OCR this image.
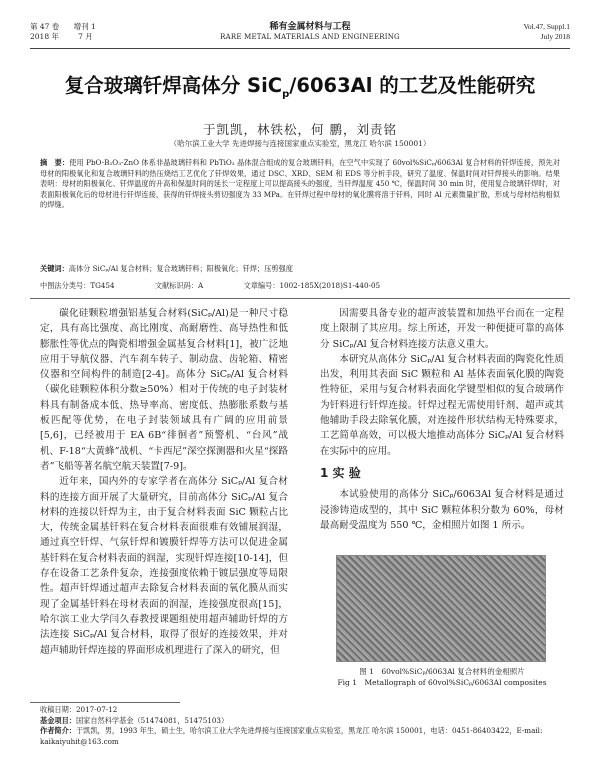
第 47 卷 增刊 1
2018 年	7 月
稀有金属材料与工程
RARE METAL MATERIALS AND ENGINEERING
Vol.47, Suppl.1
July 2018
复合玻璃钎焊高体分 SiC$_p$/6063Al 的工艺及性能研究
于凯凯，林铁松，何 鹏，刘责铭
（哈尔滨工业大学 先进焊接与连接国家重点实验室，黑龙江 哈尔滨 150001）
摘　要：使用 PbO-B₂O₃-ZnO 体系非晶玻璃钎料和 PbTiO₃ 晶体混合组成的复合玻璃钎料，在空气中实现了 60vol%SiCₚ/6063Al 复合材料的钎焊连接，预先对母材的阳极氧化和复合玻璃钎料的热压烧结工艺优化了钎焊效果，通过 DSC、XRD、SEM 和 EDS 等分析手段，研究了温度、保温时间对钎焊接头的影响。结果表明：母材的阳极氧化、钎焊温度的升高和保温时间的延长一定程度上可以提高接头的强度，当钎焊温度 450 ℃，保温时间 30 min 时，使用复合玻璃钎焊时，对表面阳极氧化后的母材进行钎焊连接，获得的钎焊接头剪切强度为 33 MPa。在钎焊过程中母材的氧化膜将溶于钎料，同时 Al 元素微量扩散，形成与母材结构相似的焊缝。
关键词：高体分 SiCₚ/Al 复合材料；复合玻璃钎料；阳极氧化；钎焊；压剪强度
中图法分类号：TG454	文献标识码：A	文章编号：1002-185X(2018)S1-440-05

碳化硅颗粒增强铝基复合材料(SiCₚ/Al)是一种尺寸稳定，具有高比强度、高比刚度、高耐磨性、高导热性和低膨胀性等优点的陶瓷相增强金属基复合材料[1]，被广泛地应用于导航仪器、汽车刹车转子、制动盘、齿轮箱、精密仪器和空间构件的制造[2-4]。高体分 SiCₚ/Al 复合材料（碳化硅颗粒体积分数≥50%）相对于传统的电子封装材料具有制备成本低、热导率高、密度低、热膨胀系数与基板匹配等优势，在电子封装领域具有广阔的应用前景[5,6]，已经被用于 EA 6B“徘徊者”预警机、“台风”战机、F-18“大黄蜂”战机、“卡西尼”深空探测器和火星“探路者”飞船等著名航空航天装置[7-9]。

近年来，国内外的专家学者在高体分 SiCₚ/Al 复合材料的连接方面开展了大量研究，目前高体分 SiCₚ/Al 复合材料的连接以钎焊为主，由于复合材料表面 SiC 颗粒占比大，传统金属基钎料在复合材料表面很难有效铺展润湿，通过真空钎焊、气氛钎焊和镀膜钎焊等方法可以促进金属基钎料在复合材料表面的润湿，实现钎焊连接[10-14]，但存在设备工艺条件复杂，连接强度依赖于镀层强度等局限性。超声钎焊通过超声去除复合材料表面的氧化膜从而实现了金属基钎料在母材表面的润湿，连接强度很高[15]，哈尔滨工业大学闫久春教授课题组使用超声辅助钎焊的方法连接 SiCₚ/Al 复合材料，取得了很好的连接效果，并对超声辅助钎焊连接的界面形成机理进行了深入的研究，但

因需要具备专业的超声波装置和加热平台而在一定程度上限制了其应用。综上所述，开发一种便捷可靠的高体分 SiCₚ/Al 复合材料连接方法意义重大。

本研究从高体分 SiCₚ/Al 复合材料表面的陶瓷化性质出发，利用其表面 SiC 颗粒和 Al 基体表面氧化膜的陶瓷性特征，采用与复合材料表面化学键型相似的复合玻璃作为钎料进行钎焊连接。钎焊过程无需使用钎剂、超声或其他辅助手段去除氧化膜，对连接件形状结构无特殊要求，工艺简单高效，可以极大地推动高体分 SiCₚ/Al 复合材料在实际中的应用。

1 实 验

本试验使用的高体分 SiCₚ/6063Al 复合材料是通过浸渗铸造成型的，其中 SiC 颗粒体积分数为 60%，母材最高耐受温度为 550 ℃，金相照片如图 1 所示。

图 1　60vol%SiCₚ/6063Al 复合材料的金相照片
Fig 1　Metallograph of 60vol%SiCₚ/6063Al composites
收稿日期：2017-07-12
基金项目：国家自然科学基金（51474081，51475103）
作者简介：于凯凯，男，1993 年生，硕士生，哈尔滨工业大学先进焊接与连接国家重点实验室，黑龙江 哈尔滨 150001，电话：0451-86403422，E-mail: kaikaiyuhit@163.com
